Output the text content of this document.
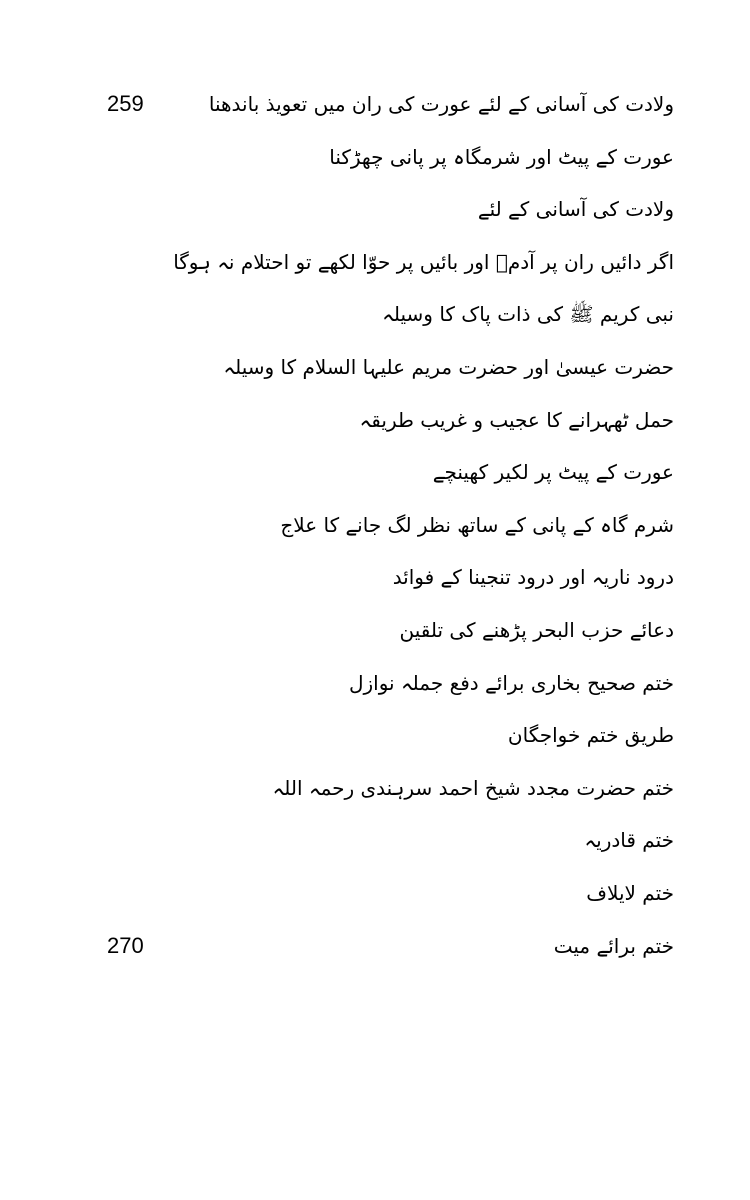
ولادت کی آسانی کے لئے عورت کی ران میں تعویذ باندھنا
259
عورت کے پیٹ اور شرمگاہ پر پانی چھڑکنا
ولادت کی آسانی کے لئے
اگر دائیں ران پر آدمؑ اور بائیں پر حوّا لکھے تو احتلام نہ ہوگا
نبی کریم ﷺ کی ذات پاک کا وسیلہ
حضرت عیسیٰ اور حضرت مریم علیہا السلام کا وسیلہ
حمل ٹھہرانے کا عجیب و غریب طریقہ
عورت کے پیٹ پر لکیر کھینچے
شرم گاہ کے پانی کے ساتھ نظر لگ جانے کا علاج
درود ناریہ اور درود تنجینا کے فوائد
دعائے حزب البحر پڑھنے کی تلقین
ختم صحیح بخاری برائے دفع جملہ نوازل
طریق ختم خواجگان
ختم حضرت مجدد شیخ احمد سرہندی رحمہ اللہ
ختم قادریہ
ختم لایلاف
ختم برائے میت
270
